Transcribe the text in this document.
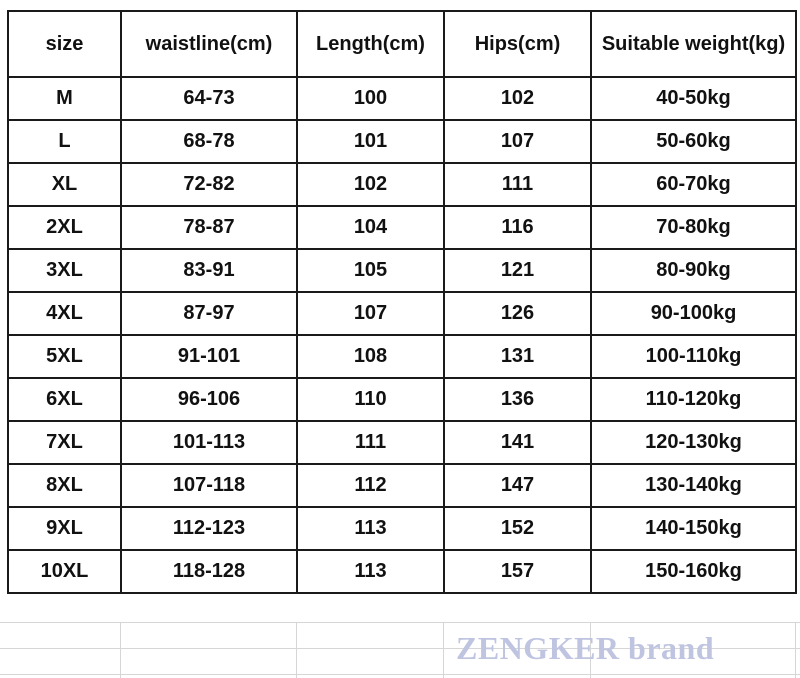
size	waistline(cm)	Length(cm)	Hips(cm)	Suitable weight(kg)
M	64-73	100	102	40-50kg
L	68-78	101	107	50-60kg
XL	72-82	102	111	60-70kg
2XL	78-87	104	116	70-80kg
3XL	83-91	105	121	80-90kg
4XL	87-97	107	126	90-100kg
5XL	91-101	108	131	100-110kg
6XL	96-106	110	136	110-120kg
7XL	101-113	111	141	120-130kg
8XL	107-118	112	147	130-140kg
9XL	112-123	113	152	140-150kg
10XL	118-128	113	157	150-160kg
ZENGKER brand
